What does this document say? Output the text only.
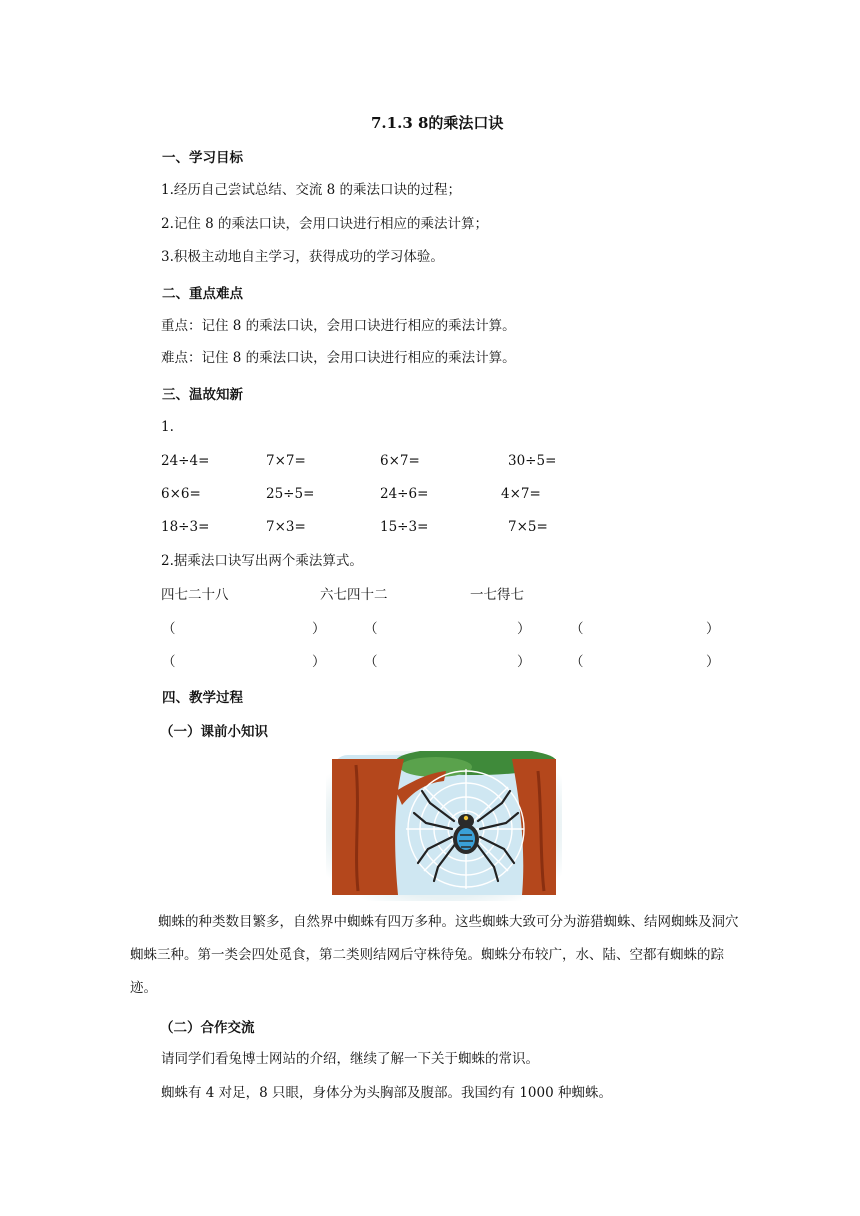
7.1.3 8的乘法口诀
一、学习目标
1.经历自己尝试总结、交流 8 的乘法口诀的过程；
2.记住 8 的乘法口诀，会用口诀进行相应的乘法计算；
3.积极主动地自主学习，获得成功的学习体验。
二、重点难点
重点：记住 8 的乘法口诀，会用口诀进行相应的乘法计算。
难点：记住 8 的乘法口诀，会用口诀进行相应的乘法计算。
三、温故知新
1.
24÷4=	7×7=	6×7=	30÷5=
6×6=	25÷5=	24÷6=	4×7=
18÷3=	7×3=	15÷3=	7×5=
2.据乘法口诀写出两个乘法算式。
四七二十八	六七四十二	一七得七
（	）	（	）	（	）
（	）	（	）	（	）
四、教学过程
（一）课前小知识
蜘蛛的种类数目繁多，自然界中蜘蛛有四万多种。这些蜘蛛大致可分为游猎蜘蛛、结网蜘蛛及洞穴蜘蛛三种。第一类会四处觅食，第二类则结网后守株待兔。蜘蛛分布较广，水、陆、空都有蜘蛛的踪迹。
（二）合作交流
请同学们看兔博士网站的介绍，继续了解一下关于蜘蛛的常识。
蜘蛛有 4 对足，8 只眼，身体分为头胸部及腹部。我国约有 1000 种蜘蛛。
